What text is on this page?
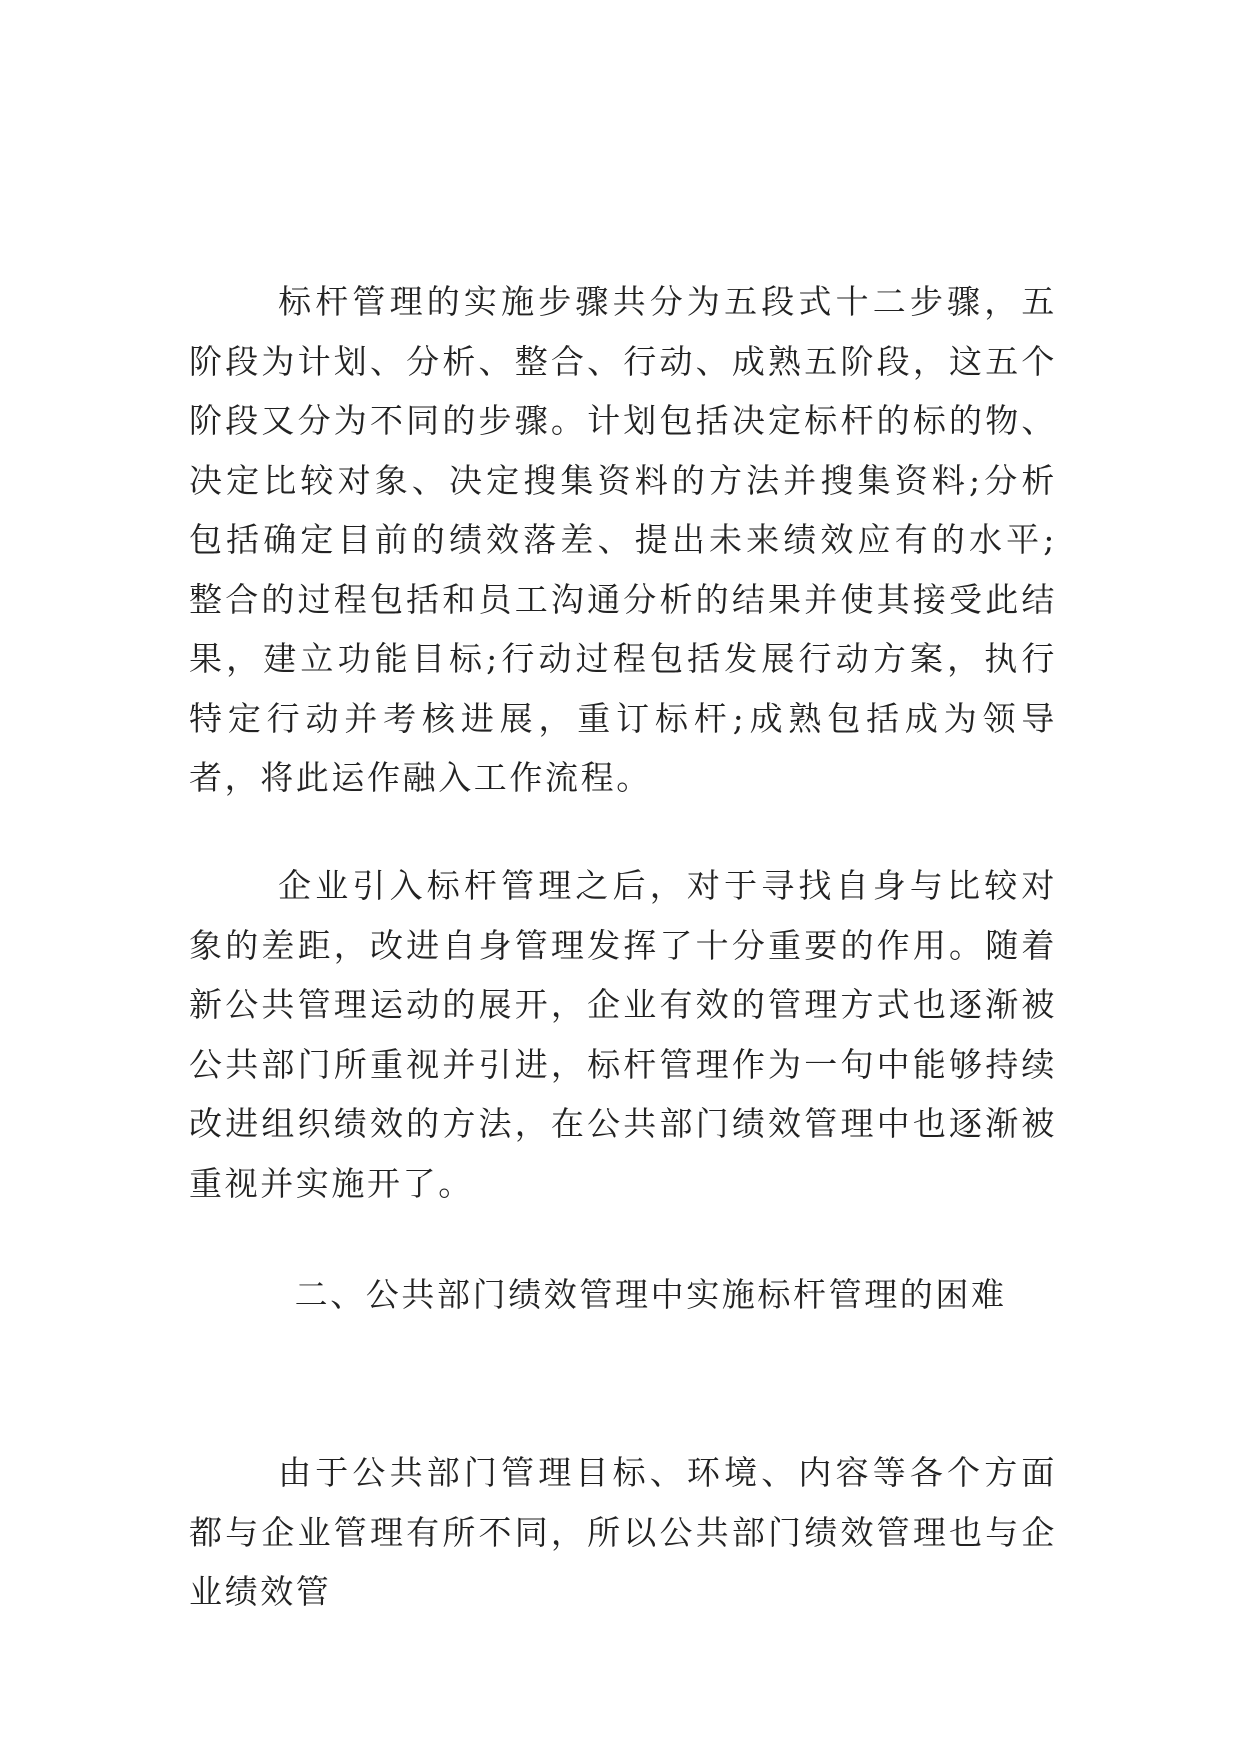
标杆管理的实施步骤共分为五段式十二步骤，五阶段为计划、分析、整合、行动、成熟五阶段，这五个阶段又分为不同的步骤。计划包括决定标杆的标的物、决定比较对象、决定搜集资料的方法并搜集资料;分析包括确定目前的绩效落差、提出未来绩效应有的水平;整合的过程包括和员工沟通分析的结果并使其接受此结果，建立功能目标;行动过程包括发展行动方案，执行特定行动并考核进展，重订标杆;成熟包括成为领导者，将此运作融入工作流程。

企业引入标杆管理之后，对于寻找自身与比较对象的差距，改进自身管理发挥了十分重要的作用。随着新公共管理运动的展开，企业有效的管理方式也逐渐被公共部门所重视并引进，标杆管理作为一句中能够持续改进组织绩效的方法，在公共部门绩效管理中也逐渐被重视并实施开了。

二、公共部门绩效管理中实施标杆管理的困难

由于公共部门管理目标、环境、内容等各个方面都与企业管理有所不同，所以公共部门绩效管理也与企业绩效管
